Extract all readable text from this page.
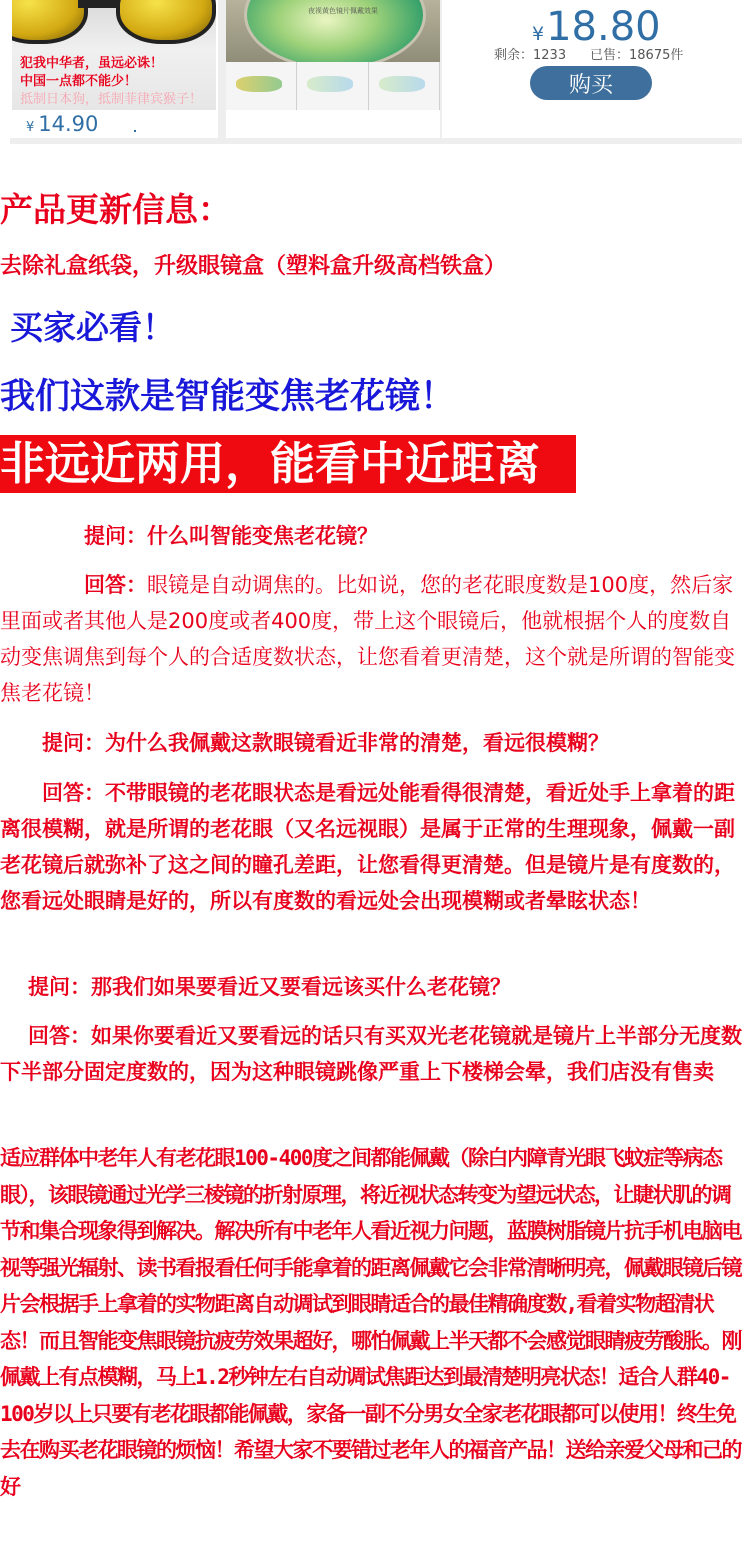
犯我中华者，虽远必诛！
中国一点都不能少！
抵制日本狗，抵制菲律宾猴子！
¥ 14.90
夜视黄色镜片佩戴效果
¥18.80
剩余：1233 已售：18675件
购买
产品更新信息：
去除礼盒纸袋，升级眼镜盒（塑料盒升级高档铁盒）
买家必看！
我们这款是智能变焦老花镜！
非远近两用，能看中近距离

提问：什么叫智能变焦老花镜？

回答：眼镜是自动调焦的。比如说，您的老花眼度数是100度，然后家里面或者其他人是200度或者400度，带上这个眼镜后，他就根据个人的度数自动变焦调焦到每个人的合适度数状态，让您看着更清楚，这个就是所谓的智能变焦老花镜！

提问：为什么我佩戴这款眼镜看近非常的清楚，看远很模糊？

回答：不带眼镜的老花眼状态是看远处能看得很清楚，看近处手上拿着的距离很模糊，就是所谓的老花眼（又名远视眼）是属于正常的生理现象，佩戴一副老花镜后就弥补了这之间的瞳孔差距，让您看得更清楚。但是镜片是有度数的，您看远处眼睛是好的，所以有度数的看远处会出现模糊或者晕眩状态！

提问：那我们如果要看近又要看远该买什么老花镜？

回答：如果你要看近又要看远的话只有买双光老花镜就是镜片上半部分无度数下半部分固定度数的，因为这种眼镜跳像严重上下楼梯会晕，我们店没有售卖

适应群体中老年人有老花眼100-400度之间都能佩戴（除白内障青光眼飞蚊症等病态眼），该眼镜通过光学三棱镜的折射原理，将近视状态转变为望远状态，让睫状肌的调节和集合现象得到解决。解决所有中老年人看近视力问题，蓝膜树脂镜片抗手机电脑电视等强光辐射、读书看报看任何手能拿着的距离佩戴它会非常清晰明亮，佩戴眼镜后镜片会根据手上拿着的实物距离自动调试到眼睛适合的最佳精确度数,看着实物超清状态！而且智能变焦眼镜抗疲劳效果超好，哪怕佩戴上半天都不会感觉眼睛疲劳酸胀。刚佩戴上有点模糊，马上1.2秒钟左右自动调试焦距达到最清楚明亮状态！适合人群40-100岁以上只要有老花眼都能佩戴，家备一副不分男女全家老花眼都可以使用！终生免去在购买老花眼镜的烦恼！希望大家不要错过老年人的福音产品！送给亲爱父母和己的好
